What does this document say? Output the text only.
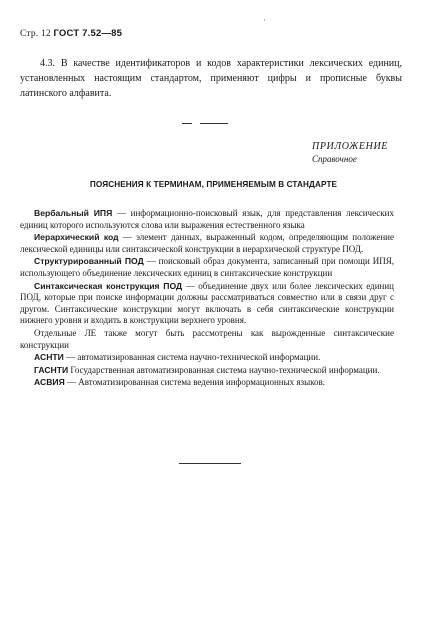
'
Стр. 12 ГОСТ 7.52—85

4.3. В качестве идентификаторов и кодов характеристики лексических единиц, установленных настоящим стандартом, применяют цифры и прописные буквы латинского алфавита.

ПРИЛОЖЕНИЕ
Справочное
ПОЯСНЕНИЯ К ТЕРМИНАМ, ПРИМЕНЯЕМЫМ В СТАНДАРТЕ

Вербальный ИПЯ — информационно-поисковый язык, для представления лексических единиц которого используются слова или выражения естественного языка

Иерархический код — элемент данных, выраженный кодом, определяющим положение лексической единицы или синтаксической конструкции в иерархической структуре ПОД.

Структурированный ПОД — поисковый образ документа, записанный при помощи ИПЯ, использующего объединение лексических единиц в синтаксические конструкции

Синтаксическая конструкция ПОД — объединение двух или более лексических единиц ПОД, которые при поиске информации должны рассматриваться совместно или в связи друг с другом. Синтаксические конструкции могут включать в себя синтаксические конструкции нижнего уровня и входить в конструкции верхнего уровня.

Отдельные ЛЕ также могут быть рассмотрены как вырожденные синтаксические конструкции

АСНТИ — автоматизированная система научно-технической информации.

ГАСНТИ Государственная автоматизированная система научно-технической информации.

АСВИЯ — Автоматизированная система ведения информационных языков.
